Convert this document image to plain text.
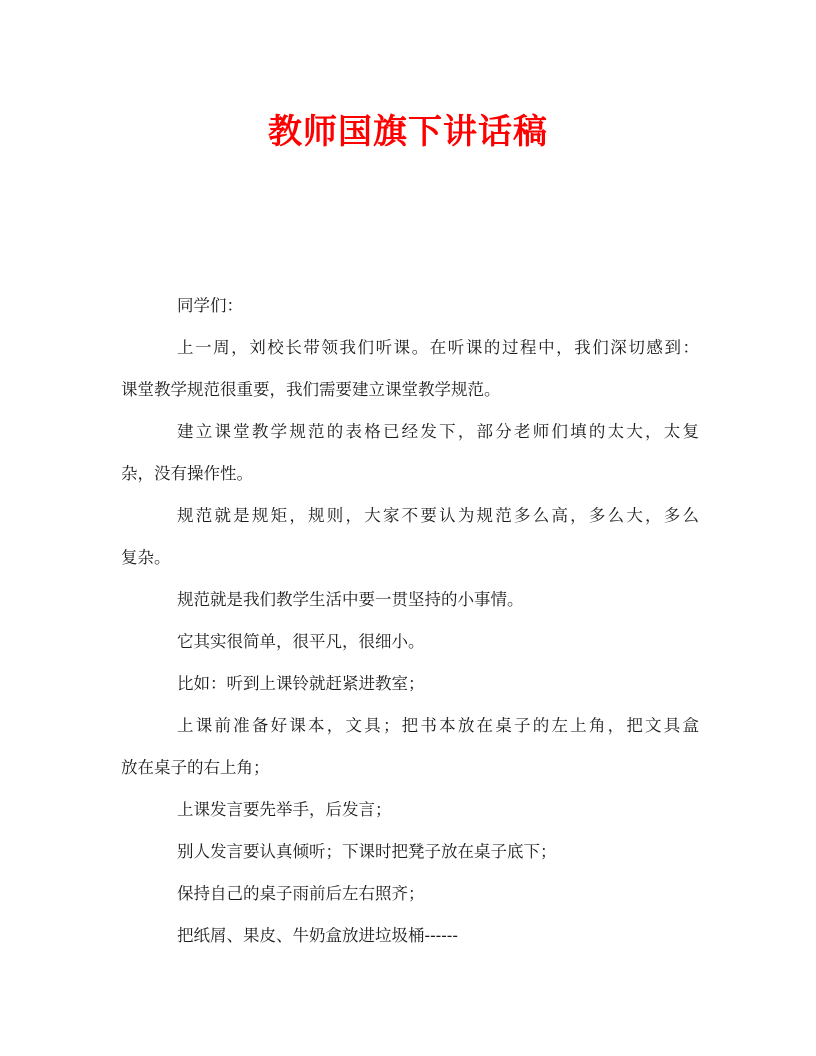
教师国旗下讲话稿
同学们：
上一周，刘校长带领我们听课。在听课的过程中，我们深切感到：
课堂教学规范很重要，我们需要建立课堂教学规范。
建立课堂教学规范的表格已经发下，部分老师们填的太大，太复
杂，没有操作性。
规范就是规矩，规则，大家不要认为规范多么高，多么大，多么
复杂。
规范就是我们教学生活中要一贯坚持的小事情。
它其实很简单，很平凡，很细小。
比如：听到上课铃就赶紧进教室；
上课前准备好课本，文具；把书本放在桌子的左上角，把文具盒
放在桌子的右上角；
上课发言要先举手，后发言；
别人发言要认真倾听；下课时把凳子放在桌子底下；
保持自己的桌子雨前后左右照齐；
把纸屑、果皮、牛奶盒放进垃圾桶------
